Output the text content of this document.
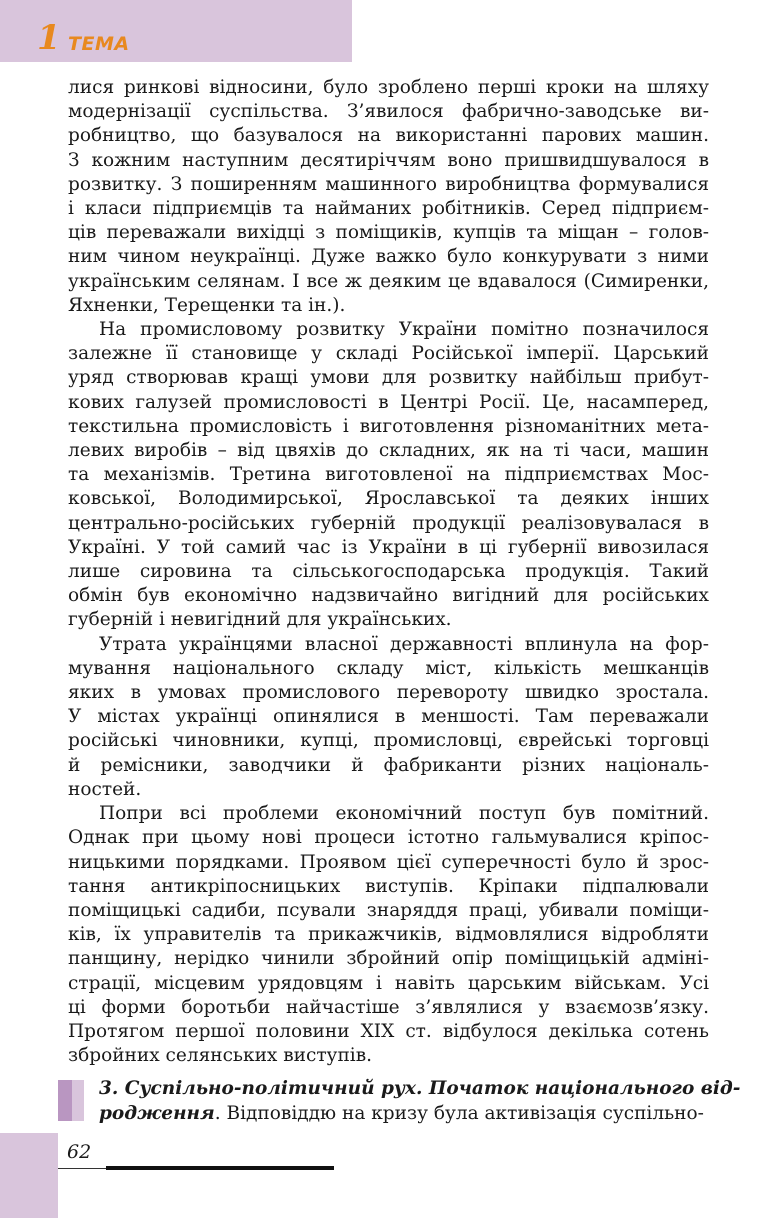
1 ТЕМА
лися ринкові відносини, було зроблено перші кроки на шляху
модернізації суспільства. З’явилося фабрично-заводське ви-
робництво, що базувалося на використанні парових машин.
З кожним наступним десятиріччям воно пришвидшувалося в
розвитку. З поширенням машинного виробництва формувалися
і класи підприємців та найманих робітників. Серед підприєм-
ців переважали вихідці з поміщиків, купців та міщан – голов-
ним чином неукраїнці. Дуже важко було конкурувати з ними
українським селянам. І все ж деяким це вдавалося (Симиренки,
Яхненки, Терещенки та ін.).
На промисловому розвитку України помітно позначилося
залежне її становище у складі Російської імперії. Царський
уряд створював кращі умови для розвитку найбільш прибут-
кових галузей промисловості в Центрі Росії. Це, насамперед,
текстильна промисловість і виготовлення різноманітних мета-
левих виробів – від цвяхів до складних, як на ті часи, машин
та механізмів. Третина виготовленої на підприємствах Мос-
ковської, Володимирської, Ярославської та деяких інших
центрально-російських губерній продукції реалізовувалася в
Україні. У той самий час із України в ці губернії вивозилася
лише сировина та сільськогосподарська продукція. Такий
обмін був економічно надзвичайно вигідний для російських
губерній і невигідний для українських.
Утрата українцями власної державності вплинула на фор-
мування національного складу міст, кількість мешканців
яких в умовах промислового перевороту швидко зростала.
У містах українці опинялися в меншості. Там переважали
російські чиновники, купці, промисловці, єврейські торговці
й ремісники, заводчики й фабриканти різних національ-
ностей.
Попри всі проблеми економічний поступ був помітний.
Однак при цьому нові процеси істотно гальмувалися кріпос-
ницькими порядками. Проявом цієї суперечності було й зрос-
тання антикріпосницьких виступів. Кріпаки підпалювали
поміщицькі садиби, псували знаряддя праці, убивали поміщи-
ків, їх управителів та прикажчиків, відмовлялися відробляти
панщину, нерідко чинили збройний опір поміщицькій адміні-
страції, місцевим урядовцям і навіть царським військам. Усі
ці форми боротьби найчастіше з’являлися у взаємозв’язку.
Протягом першої половини XIX ст. відбулося декілька сотень
збройних селянських виступів.
3. Суспільно-політичний рух. Початок національного від-
родження. Відповіддю на кризу була активізація суспільно-
62
